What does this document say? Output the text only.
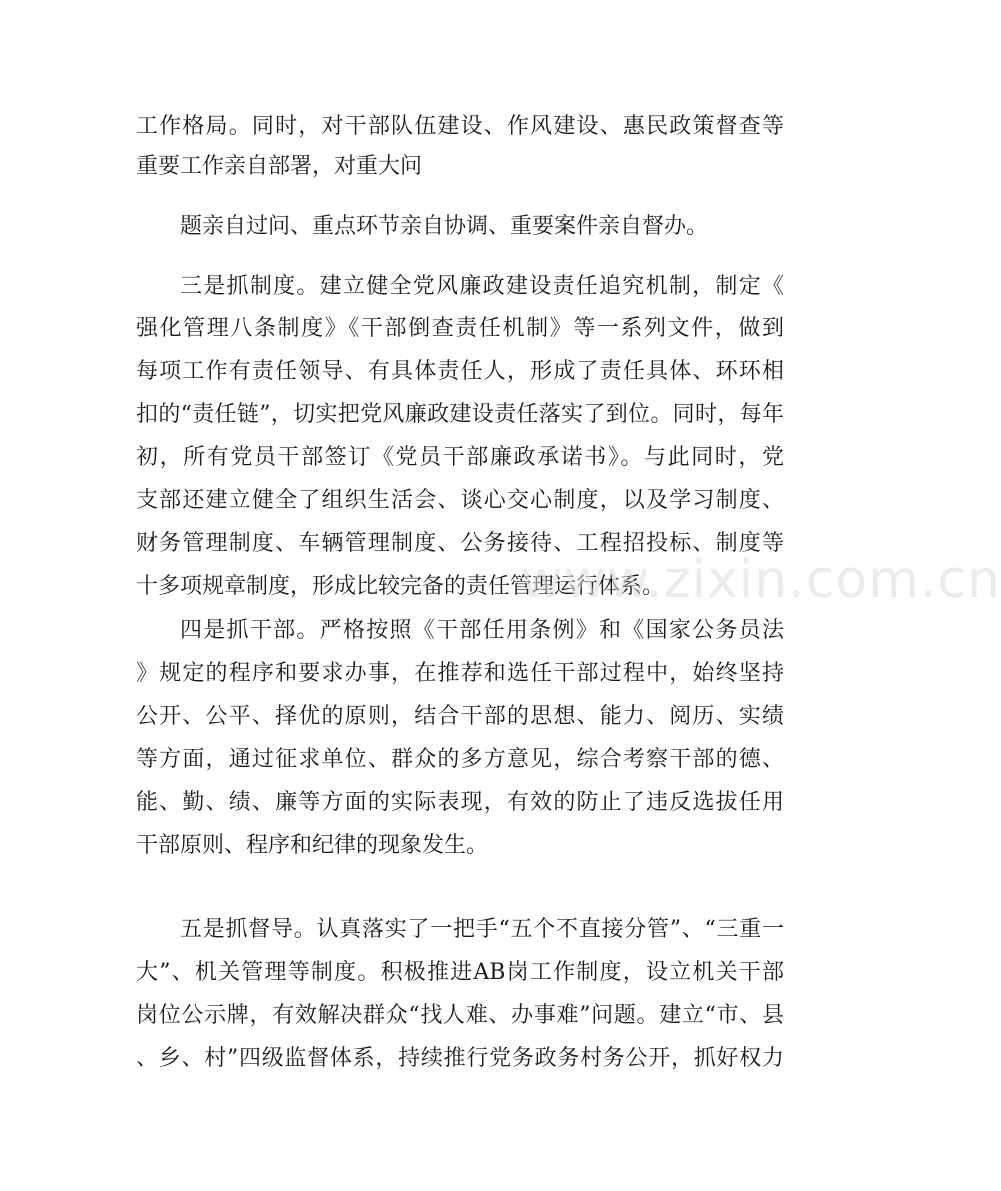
工作格局。同时，对干部队伍建设、作风建设、惠民政策督查等
重要工作亲自部署，对重大问
题亲自过问、重点环节亲自协调、重要案件亲自督办。
三是抓制度。建立健全党风廉政建设责任追究机制，制定《
强化管理八条制度》《干部倒查责任机制》等一系列文件，做到
每项工作有责任领导、有具体责任人，形成了责任具体、环环相
扣的“责任链”，切实把党风廉政建设责任落实了到位。同时，每年
初，所有党员干部签订《党员干部廉政承诺书》。与此同时，党
支部还建立健全了组织生活会、谈心交心制度，以及学习制度、
财务管理制度、车辆管理制度、公务接待、工程招投标、制度等
十多项规章制度，形成比较完备的责任管理运行体系。
四是抓干部。严格按照《干部任用条例》和《国家公务员法
》规定的程序和要求办事，在推荐和选任干部过程中，始终坚持
公开、公平、择优的原则，结合干部的思想、能力、阅历、实绩
等方面，通过征求单位、群众的多方意见，综合考察干部的德、
能、勤、绩、廉等方面的实际表现，有效的防止了违反选拔任用
干部原则、程序和纪律的现象发生。
五是抓督导。认真落实了一把手“五个不直接分管”、“三重一
大”、机关管理等制度。积极推进AB岗工作制度，设立机关干部
岗位公示牌，有效解决群众“找人难、办事难”问题。建立“市、县
、乡、村”四级监督体系，持续推行党务政务村务公开，抓好权力
www.zixin.com.cn
